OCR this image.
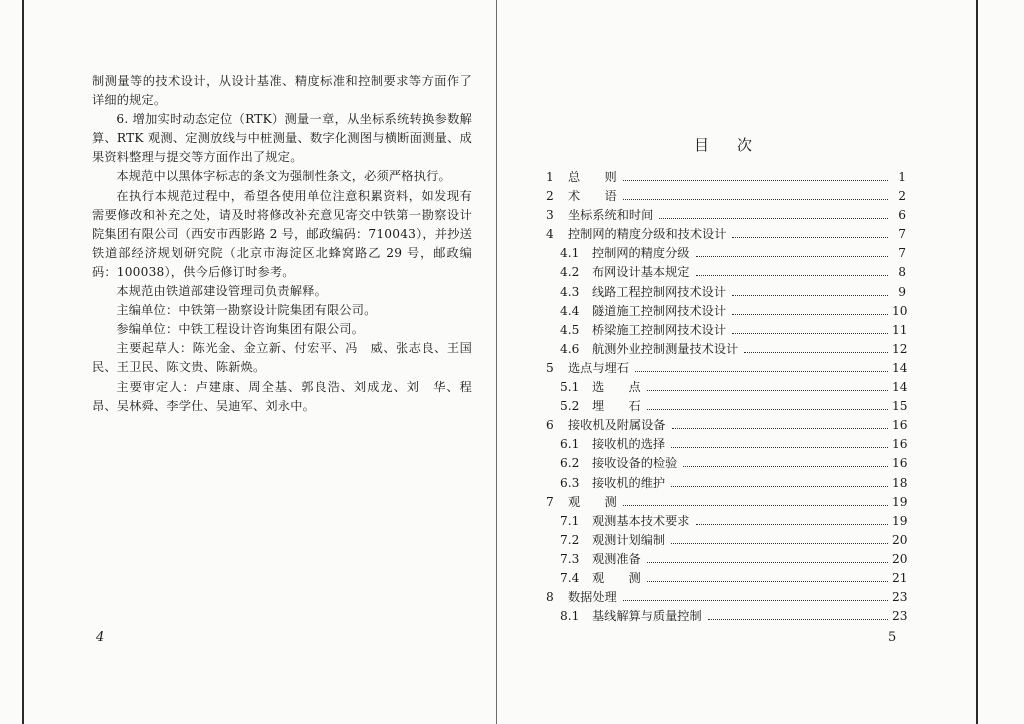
制测量等的技术设计，从设计基准、精度标准和控制要求等方面作了详细的规定。

6. 增加实时动态定位（RTK）测量一章，从坐标系统转换参数解算、RTK 观测、定测放线与中桩测量、数字化测图与横断面测量、成果资料整理与提交等方面作出了规定。

本规范中以黑体字标志的条文为强制性条文，必须严格执行。

在执行本规范过程中，希望各使用单位注意积累资料，如发现有需要修改和补充之处，请及时将修改补充意见寄交中铁第一勘察设计院集团有限公司（西安市西影路 2 号，邮政编码：710043），并抄送铁道部经济规划研究院（北京市海淀区北蜂窝路乙 29 号，邮政编码：100038），供今后修订时参考。

本规范由铁道部建设管理司负责解释。

主编单位：中铁第一勘察设计院集团有限公司。

参编单位：中铁工程设计咨询集团有限公司。

主要起草人：陈光金、金立新、付宏平、冯　威、张志良、王国民、王卫民、陈文贵、陈新焕。

主要审定人：卢建康、周全基、郭良浩、刘成龙、刘　华、程　昂、吴林舜、李学仕、吴迪军、刘永中。

4
目次
1	总　　则	1
2	术　　语	2
3	坐标系统和时间	6
4	控制网的精度分级和技术设计	7
4.1	控制网的精度分级	7
4.2	布网设计基本规定	8
4.3	线路工程控制网技术设计	9
4.4	隧道施工控制网技术设计	10
4.5	桥梁施工控制网技术设计	11
4.6	航测外业控制测量技术设计	12
5	选点与埋石	14
5.1	选　　点	14
5.2	埋　　石	15
6	接收机及附属设备	16
6.1	接收机的选择	16
6.2	接收设备的检验	16
6.3	接收机的维护	18
7	观　　测	19
7.1	观测基本技术要求	19
7.2	观测计划编制	20
7.3	观测准备	20
7.4	观　　测	21
8	数据处理	23
8.1	基线解算与质量控制	23
5
